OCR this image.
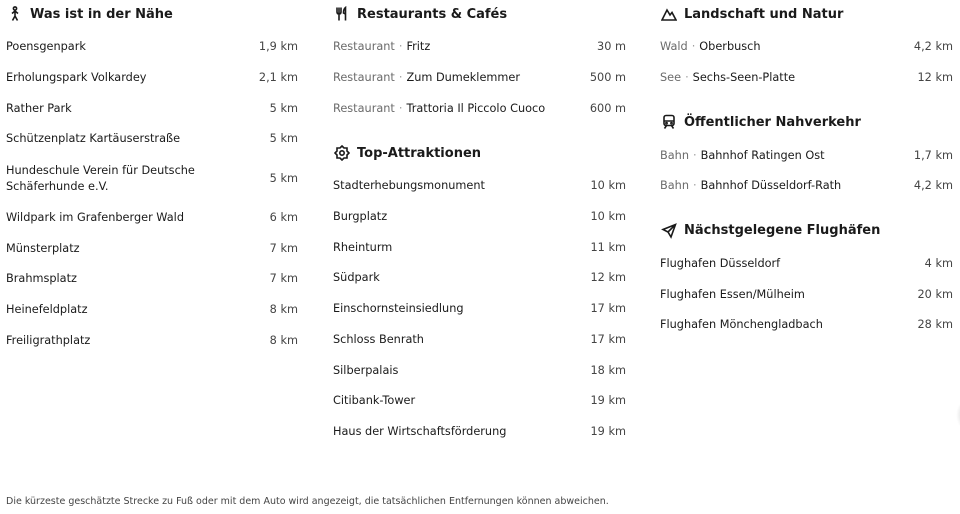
Was ist in der Nähe
Poensgenpark	1,9 km
Erholungspark Volkardey	2,1 km
Rather Park	5 km
Schützenplatz Kartäuserstraße	5 km
Hundeschule Verein für Deutsche Schäferhunde e.V.
5 km
Wildpark im Grafenberger Wald	6 km
Münsterplatz	7 km
Brahmsplatz	7 km
Heinefeldplatz	8 km
Freiligrathplatz	8 km
Restaurants & Cafés
Restaurant · Fritz	30 m
Restaurant · Zum Dumeklemmer	500 m
Restaurant · Trattoria Il Piccolo Cuoco	600 m
Top-Attraktionen
Stadterhebungsmonument	10 km
Burgplatz	10 km
Rheinturm	11 km
Südpark	12 km
Einschornsteinsiedlung	17 km
Schloss Benrath	17 km
Silberpalais	18 km
Citibank-Tower	19 km
Haus der Wirtschaftsförderung	19 km
Landschaft und Natur
Wald · Oberbusch	4,2 km
See · Sechs-Seen-Platte	12 km
Öffentlicher Nahverkehr
Bahn · Bahnhof Ratingen Ost	1,7 km
Bahn · Bahnhof Düsseldorf-Rath	4,2 km
Nächstgelegene Flughäfen
Flughafen Düsseldorf	4 km
Flughafen Essen/Mülheim	20 km
Flughafen Mönchengladbach	28 km
Die kürzeste geschätzte Strecke zu Fuß oder mit dem Auto wird angezeigt, die tatsächlichen Entfernungen können abweichen.
